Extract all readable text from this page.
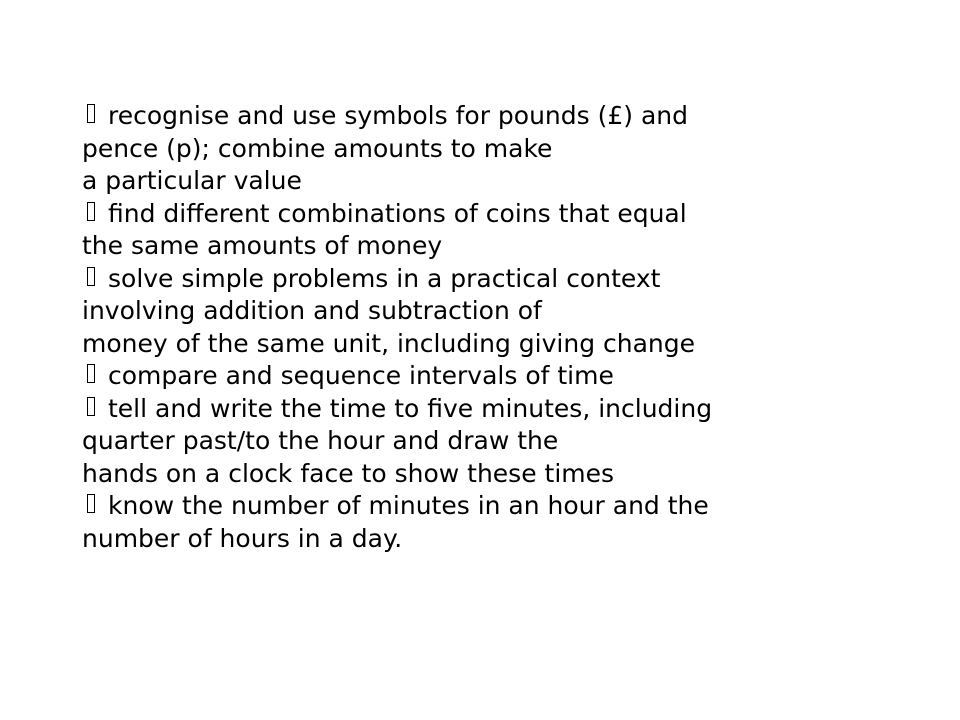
recognise and use symbols for pounds (£) and
pence (p); combine amounts to make
a particular value
find different combinations of coins that equal
the same amounts of money
solve simple problems in a practical context
involving addition and subtraction of
money of the same unit, including giving change
compare and sequence intervals of time
tell and write the time to five minutes, including
quarter past/to the hour and draw the
hands on a clock face to show these times
know the number of minutes in an hour and the
number of hours in a day.
